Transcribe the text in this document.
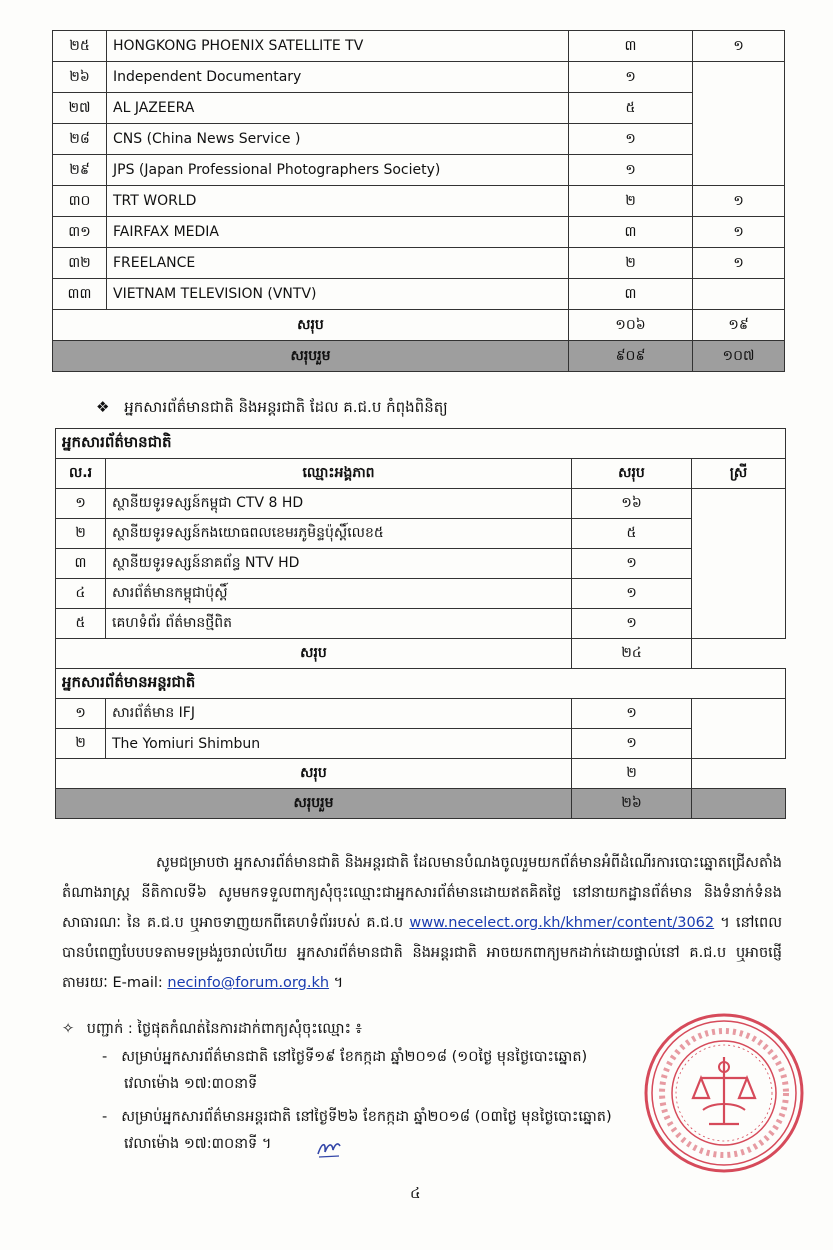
២៥	HONGKONG PHOENIX SATELLITE TV	៣	១
២៦	Independent Documentary	១	
២៧	AL JAZEERA	៥	
២៨	CNS (China News Service )	១	
២៩	JPS (Japan Professional Photographers Society)	១	
៣០	TRT WORLD	២	១
៣១	FAIRFAX MEDIA	៣	១
៣២	FREELANCE	២	១
៣៣	VIETNAM TELEVISION (VNTV)	៣	
សរុប		១០៦	១៩
សរុបរួម		៩០៩	១០៧
❖ អ្នកសារព័ត៌មានជាតិ និងអន្តរជាតិ ដែល គ.ជ.ប កំពុងពិនិត្យ
អ្នកសារព័ត៌មានជាតិ			
ល.រ	ឈ្មោះអង្គភាព	សរុប	ស្រី
១	ស្ថានីយទូរទស្សន៍កម្ពុជា CTV 8 HD	១៦	
២	ស្ថានីយទូរទស្សន៍កងយោធពលខេមរភូមិន្ទប៉ុស្តិ៍លេខ៥	៥	
៣	ស្ថានីយទូរទស្សន៍នាគព័ន្ធ NTV HD	១	
៤	សារព័ត៌មានកម្ពុជាប៉ុស្តិ៍	១	
៥	គេហទំព័រ ព័ត៌មានថ្មីពិត	១	
សរុប		២៤	
អ្នកសារព័ត៌មានអន្តរជាតិ			
១	សារព័ត៌មាន IFJ	១	
២	The Yomiuri Shimbun	១	
សរុប		២	
សរុបរួម		២៦	
សូមជម្រាបថា អ្នកសារព័ត៌មានជាតិ និងអន្តរជាតិ ដែលមានបំណងចូលរួមយកព័ត៌មានអំពីដំណើរការបោះឆ្នោតជ្រើសតាំងតំណាងរាស្ត្រ នីតិកាលទី៦ សូមមកទទួលពាក្យសុំចុះឈ្មោះជាអ្នកសារព័ត៌មានដោយឥតគិតថ្លៃ នៅនាយកដ្ឋានព័ត៌មាន និងទំនាក់ទំនងសាធារណៈ នៃ គ.ជ.ប ឬអាចទាញយកពីគេហទំព័ររបស់ គ.ជ.ប www.necelect.org.kh/khmer/content/3062 ។ នៅពេលបានបំពេញបែបបទតាមទម្រង់រួចរាល់ហើយ អ្នកសារព័ត៌មានជាតិ និងអន្តរជាតិ អាចយកពាក្យមកដាក់ដោយផ្ទាល់នៅ គ.ជ.ប ឬអាចផ្ញើតាមរយៈ E-mail: necinfo@forum.org.kh ។
✧ បញ្ជាក់ : ថ្ងៃផុតកំណត់នៃការដាក់ពាក្យសុំចុះឈ្មោះ ៖
- សម្រាប់អ្នកសារព័ត៌មានជាតិ នៅថ្ងៃទី១៩ ខែកក្កដា ឆ្នាំ២០១៨ (១០ថ្ងៃ មុនថ្ងៃបោះឆ្នោត)
វេលាម៉ោង ១៧:៣០នាទី
- សម្រាប់អ្នកសារព័ត៌មានអន្តរជាតិ នៅថ្ងៃទី២៦ ខែកក្កដា ឆ្នាំ២០១៨ (០៣ថ្ងៃ មុនថ្ងៃបោះឆ្នោត)
វេលាម៉ោង ១៧:៣០នាទី ។
៤
